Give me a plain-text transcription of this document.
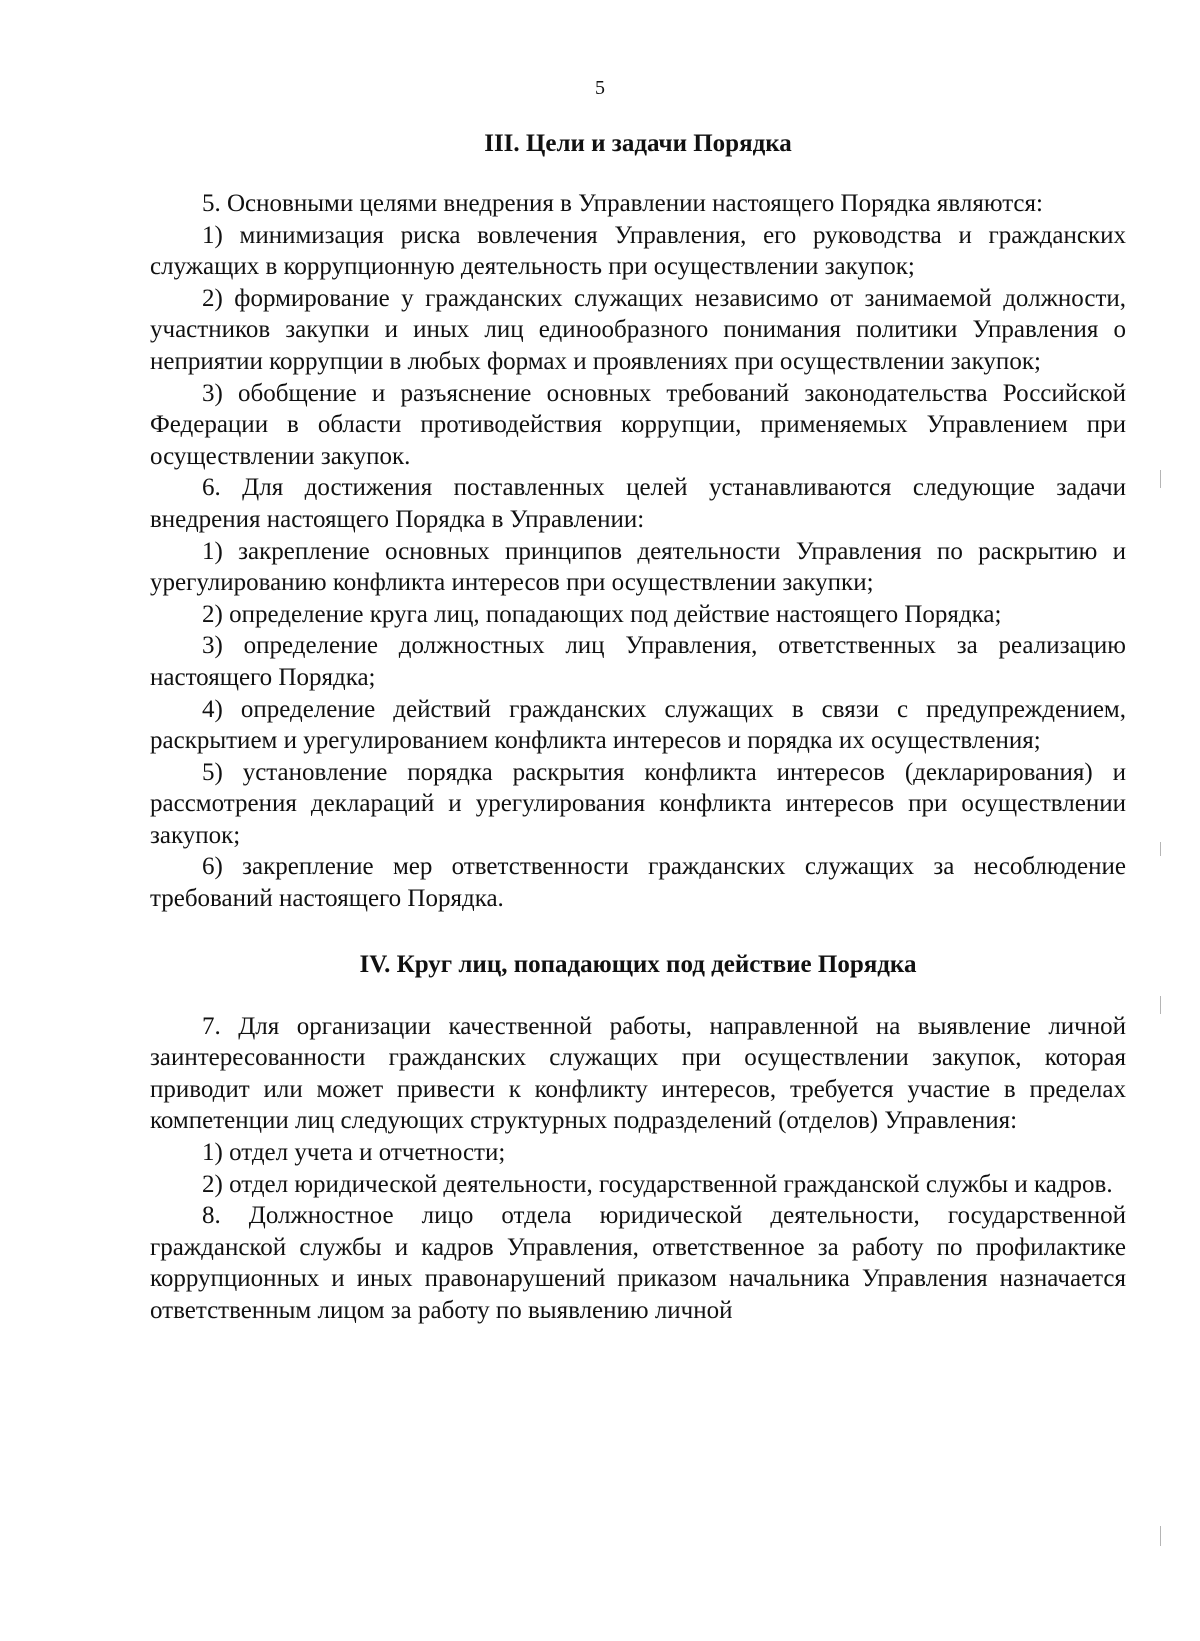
5
III. Цели и задачи Порядка

5. Основными целями внедрения в Управлении настоящего Порядка являются:

1) минимизация риска вовлечения Управления, его руководства и гражданских служащих в коррупционную деятельность при осуществлении закупок;

2) формирование у гражданских служащих независимо от занимаемой должности, участников закупки и иных лиц единообразного понимания политики Управления о неприятии коррупции в любых формах и проявлениях при осуществлении закупок;

3) обобщение и разъяснение основных требований законодательства Российской Федерации в области противодействия коррупции, применяемых Управлением при осуществлении закупок.

6. Для достижения поставленных целей устанавливаются следующие задачи внедрения настоящего Порядка в Управлении:

1) закрепление основных принципов деятельности Управления по раскрытию и урегулированию конфликта интересов при осуществлении закупки;

2) определение круга лиц, попадающих под действие настоящего Порядка;

3) определение должностных лиц Управления, ответственных за реализацию настоящего Порядка;

4) определение действий гражданских служащих в связи с предупреждением, раскрытием и урегулированием конфликта интересов и порядка их осуществления;

5) установление порядка раскрытия конфликта интересов (декларирования) и рассмотрения деклараций и урегулирования конфликта интересов при осуществлении закупок;

6) закрепление мер ответственности гражданских служащих за несоблюдение требований настоящего Порядка.

IV. Круг лиц, попадающих под действие Порядка

7. Для организации качественной работы, направленной на выявление личной заинтересованности гражданских служащих при осуществлении закупок, которая приводит или может привести к конфликту интересов, требуется участие в пределах компетенции лиц следующих структурных подразделений (отделов) Управления:

1) отдел учета и отчетности;

2) отдел юридической деятельности, государственной гражданской службы и кадров.

8. Должностное лицо отдела юридической деятельности, государственной гражданской службы и кадров Управления, ответственное за работу по профилактике коррупционных и иных правонарушений приказом начальника Управления назначается ответственным лицом за работу по выявлению личной
